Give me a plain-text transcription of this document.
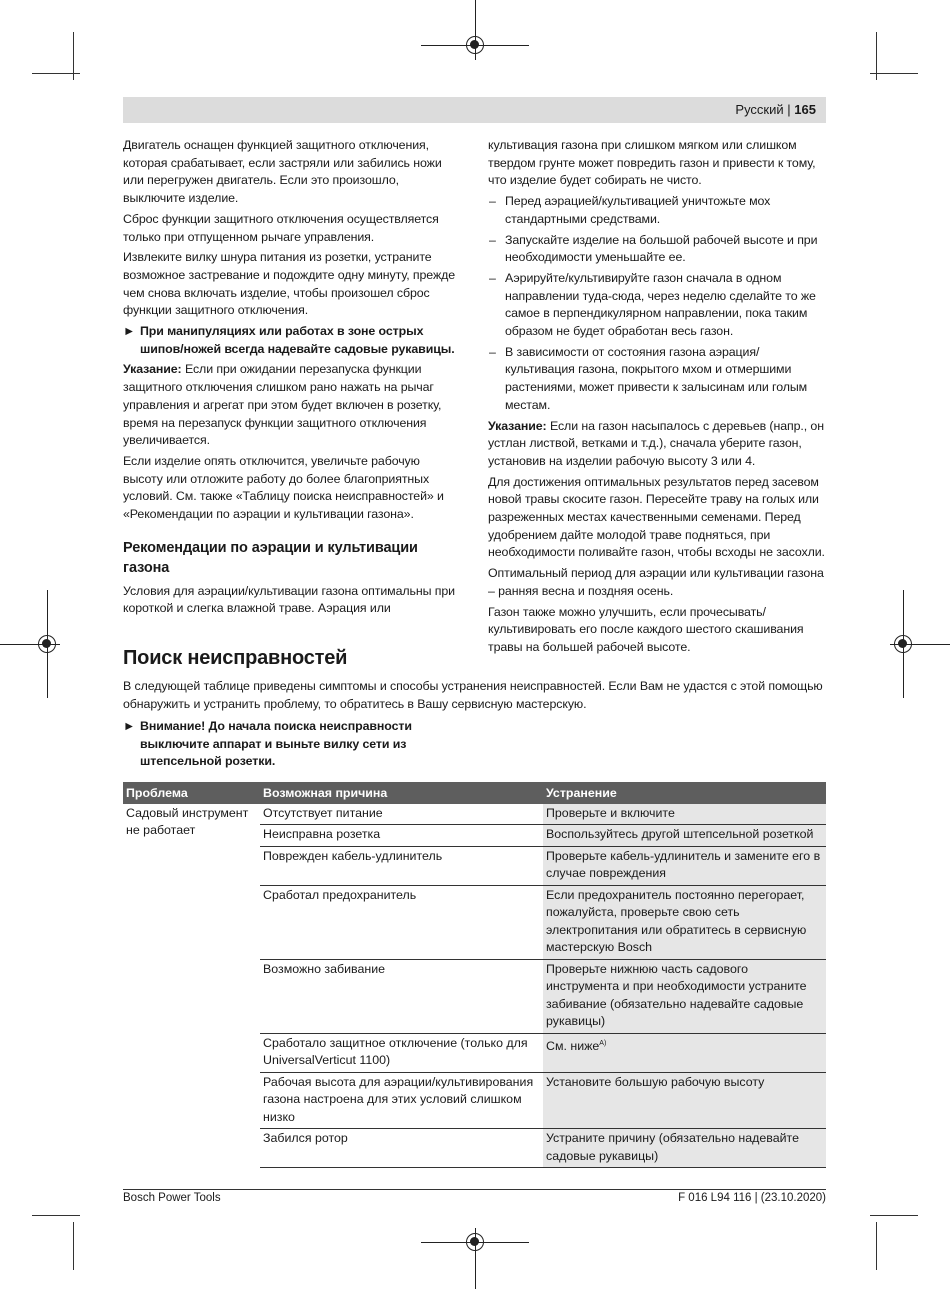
Русский | 165

Двигатель оснащен функцией защитного отключения, которая срабатывает, если застряли или забились ножи или перегружен двигатель. Если это произошло, выключите изделие.

Сброс функции защитного отключения осуществляется только при отпущенном рычаге управления.

Извлеките вилку шнура питания из розетки, устраните возможное застревание и подождите одну минуту, прежде чем снова включать изделие, чтобы произошел сброс функции защитного отключения.

► При манипуляциях или работах в зоне острых шипов/ножей всегда надевайте садовые рукавицы.

Указание: Если при ожидании перезапуска функции защитного отключения слишком рано нажать на рычаг управления и агрегат при этом будет включен в розетку, время на перезапуск функции защитного отключения увеличивается.

Если изделие опять отключится, увеличьте рабочую высоту или отложите работу до более благоприятных условий. См. также «Таблицу поиска неисправностей» и «Рекомендации по аэрации и культивации газона».

Рекомендации по аэрации и культивации газона

Условия для аэрации/культивации газона оптимальны при короткой и слегка влажной траве. Аэрация или

культивация газона при слишком мягком или слишком твердом грунте может повредить газон и привести к тому, что изделие будет собирать не чисто.

– Перед аэрацией/культивацией уничтожьте мох стандартными средствами.
– Запускайте изделие на большой рабочей высоте и при необходимости уменьшайте ее.
– Аэрируйте/культивируйте газон сначала в одном направлении туда-сюда, через неделю сделайте то же самое в перпендикулярном направлении, пока таким образом не будет обработан весь газон.
– В зависимости от состояния газона аэрация/культивация газона, покрытого мхом и отмершими растениями, может привести к залысинам или голым местам.

Указание: Если на газон насыпалось с деревьев (напр., он устлан листвой, ветками и т.д.), сначала уберите газон, установив на изделии рабочую высоту 3 или 4.

Для достижения оптимальных результатов перед засевом новой травы скосите газон. Пересейте траву на голых или разреженных местах качественными семенами. Перед удобрением дайте молодой траве подняться, при необходимости поливайте газон, чтобы всходы не засохли.

Оптимальный период для аэрации или культивации газона – ранняя весна и поздняя осень.

Газон также можно улучшить, если прочесывать/культивировать его после каждого шестого скашивания травы на большей рабочей высоте.

Поиск неисправностей
В следующей таблице приведены симптомы и способы устранения неисправностей. Если Вам не удастся с этой помощью обнаружить и устранить проблему, то обратитесь в Вашу сервисную мастерскую.
► Внимание! До начала поиска неисправности выключите аппарат и выньте вилку сети из штепсельной розетки.
Проблема	Возможная причина	Устранение
Садовый инструмент не работает	Отсутствует питание	Проверьте и включите
	Неисправна розетка	Воспользуйтесь другой штепсельной розеткой
	Поврежден кабель-удлинитель	Проверьте кабель-удлинитель и замените его в случае повреждения
	Сработал предохранитель	Если предохранитель постоянно перегорает, пожалуйста, проверьте свою сеть электропитания или обратитесь в сервисную мастерскую Bosch
	Возможно забивание	Проверьте нижнюю часть садового инструмента и при необходимости устраните забивание (обязательно надевайте садовые рукавицы)
	Сработало защитное отключение (только для UniversalVerticut 1100)	См. ниже$^{A)}$
	Рабочая высота для аэрации/культивирования газона настроена для этих условий слишком низко	Установите большую рабочую высоту
	Забился ротор	Устраните причину (обязательно надевайте садовые рукавицы)
Bosch Power Tools	F 016 L94 116 | (23.10.2020)
